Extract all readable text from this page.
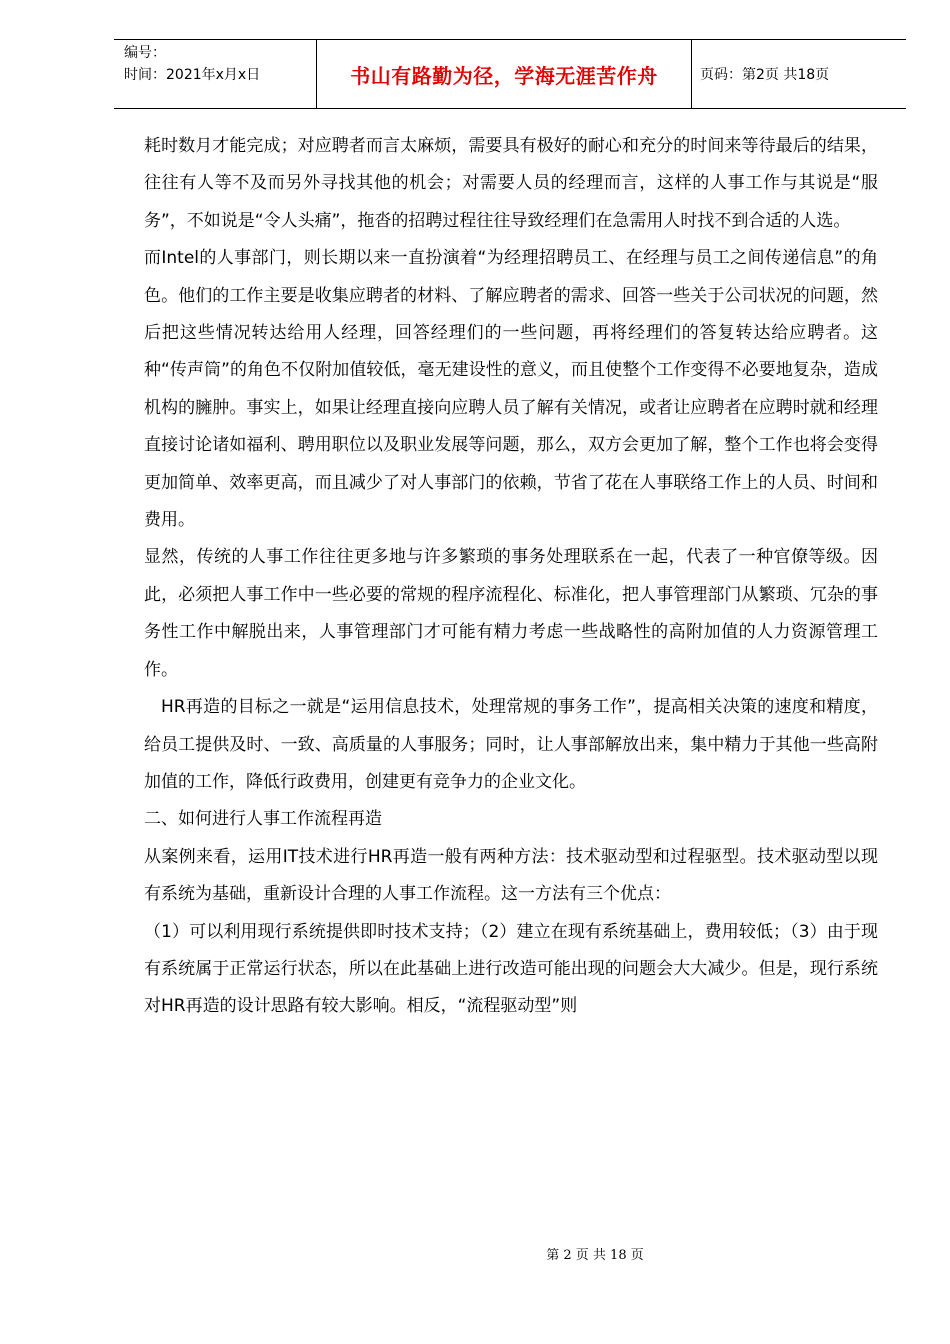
编号：
时间：2021年x月x日	书山有路勤为径，学海无涯苦作舟	页码：第2页 共18页

耗时数月才能完成；对应聘者而言太麻烦，需要具有极好的耐心和充分的时间来等待最后的结果，往往有人等不及而另外寻找其他的机会；对需要人员的经理而言，这样的人事工作与其说是“服务”，不如说是“令人头痛”，拖沓的招聘过程往往导致经理们在急需用人时找不到合适的人选。

而Intel的人事部门，则长期以来一直扮演着“为经理招聘员工、在经理与员工之间传递信息”的角色。他们的工作主要是收集应聘者的材料、了解应聘者的需求、回答一些关于公司状况的问题，然后把这些情况转达给用人经理，回答经理们的一些问题，再将经理们的答复转达给应聘者。这种“传声筒”的角色不仅附加值较低，毫无建设性的意义，而且使整个工作变得不必要地复杂，造成机构的臃肿。事实上，如果让经理直接向应聘人员了解有关情况，或者让应聘者在应聘时就和经理直接讨论诸如福利、聘用职位以及职业发展等问题，那么，双方会更加了解，整个工作也将会变得更加简单、效率更高，而且减少了对人事部门的依赖，节省了花在人事联络工作上的人员、时间和费用。

显然，传统的人事工作往往更多地与许多繁琐的事务处理联系在一起，代表了一种官僚等级。因此，必须把人事工作中一些必要的常规的程序流程化、标准化，把人事管理部门从繁琐、冗杂的事务性工作中解脱出来，人事管理部门才可能有精力考虑一些战略性的高附加值的人力资源管理工作。

HR再造的目标之一就是“运用信息技术，处理常规的事务工作”，提高相关决策的速度和精度，给员工提供及时、一致、高质量的人事服务；同时，让人事部解放出来，集中精力于其他一些高附加值的工作，降低行政费用，创建更有竞争力的企业文化。

二、如何进行人事工作流程再造

从案例来看，运用IT技术进行HR再造一般有两种方法：技术驱动型和过程驱型。技术驱动型以现有系统为基础，重新设计合理的人事工作流程。这一方法有三个优点：

（1）可以利用现行系统提供即时技术支持；（2）建立在现有系统基础上，费用较低；（3）由于现有系统属于正常运行状态，所以在此基础上进行改造可能出现的问题会大大减少。但是，现行系统对HR再造的设计思路有较大影响。相反，“流程驱动型”则

第 2 页 共 18 页
